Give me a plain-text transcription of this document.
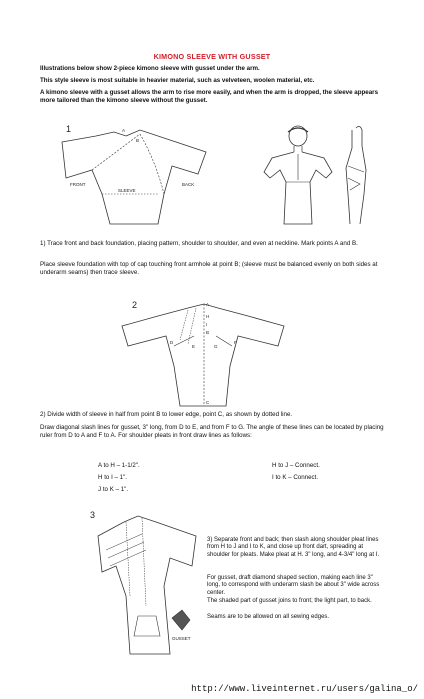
KIMONO SLEEVE WITH GUSSET

Illustrations below show 2-piece kimono sleeve with gusset under the arm.

This style sleeve is most suitable in heavier material, such as velveteen, woolen material, etc.

A kimono sleeve with a gusset allows the arm to rise more easily, and when the arm is dropped, the sleeve appears more tailored than the kimono sleeve without the gusset.

1
FRONT	BACK
SLEEVE
A
B

1) Trace front and back foundation, placing pattern, shoulder to shoulder, and even at neckline. Mark points A and B.

Place sleeve foundation with top of cap touching front armhole at point B; (sleeve must be balanced evenly on both sides at underarm seams) then trace sleeve.

2	A
H
I
B
D
E
F
G
C

2) Divide width of sleeve in half from point B to lower edge, point C, as shown by dotted line.

Draw diagonal slash lines for gusset, 3" long, from D to E, and from F to G. The angle of these lines can be located by placing ruler from D to A and F to A. For shoulder pleats in front draw lines as follows:

A to H – 1-1/2".
H to I – 1".
J to K – 1".
H to J – Connect.
I to K – Connect.
3
GUSSET

3) Separate front and back; then slash along shoulder pleat lines from H to J and I to K, and close up front dart, spreading at shoulder for pleats. Make pleat at H. 3" long, and 4-3/4" long at I.

For gusset, draft diamond shaped section, making each line 3" long, to correspond with underarm slash be about 3" wide across center.

The shaded part of gusset joins to front; the light part, to back.

Seams are to be allowed on all sewing edges.

http://www.liveinternet.ru/users/galina_o/
